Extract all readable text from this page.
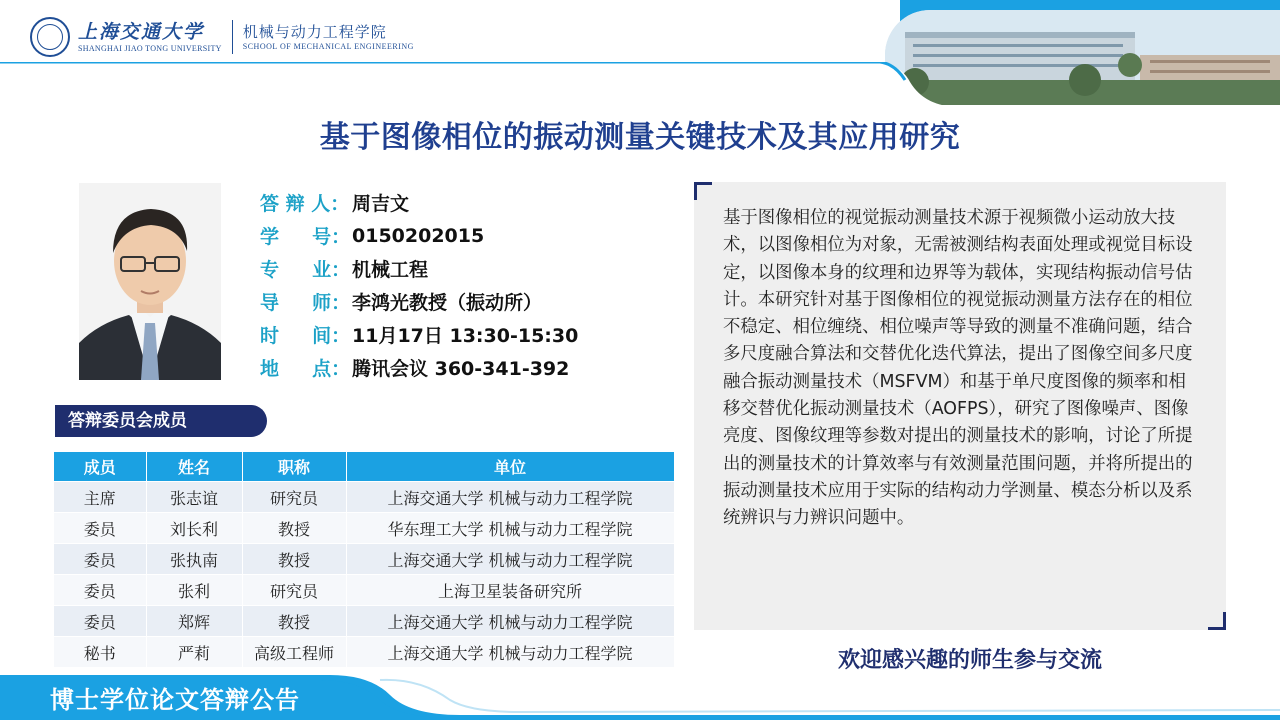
上海交通大学
SHANGHAI JIAO TONG UNIVERSITY
机械与动力工程学院
SCHOOL OF MECHANICAL ENGINEERING
基于图像相位的振动测量关键技术及其应用研究
答 辩 人： 周吉文
学     号： 0150202015
专     业： 机械工程
导     师： 李鸿光教授（振动所）
时     间： 11月17日 13:30-15:30
地     点： 腾讯会议 360-341-392
答辩委员会成员
成员	姓名	职称	单位
主席	张志谊	研究员	上海交通大学 机械与动力工程学院
委员	刘长利	教授	华东理工大学 机械与动力工程学院
委员	张执南	教授	上海交通大学 机械与动力工程学院
委员	张利	研究员	上海卫星装备研究所
委员	郑辉	教授	上海交通大学 机械与动力工程学院
秘书	严莉	高级工程师	上海交通大学 机械与动力工程学院
基于图像相位的视觉振动测量技术源于视频微小运动放大技术，以图像相位为对象，无需被测结构表面处理或视觉目标设定，以图像本身的纹理和边界等为载体，实现结构振动信号估计。本研究针对基于图像相位的视觉振动测量方法存在的相位不稳定、相位缠绕、相位噪声等导致的测量不准确问题，结合多尺度融合算法和交替优化迭代算法，提出了图像空间多尺度融合振动测量技术（MSFVM）和基于单尺度图像的频率和相移交替优化振动测量技术（AOFPS），研究了图像噪声、图像亮度、图像纹理等参数对提出的测量技术的影响，讨论了所提出的测量技术的计算效率与有效测量范围问题，并将所提出的振动测量技术应用于实际的结构动力学测量、模态分析以及系统辨识与力辨识问题中。
欢迎感兴趣的师生参与交流
博士学位论文答辩公告
